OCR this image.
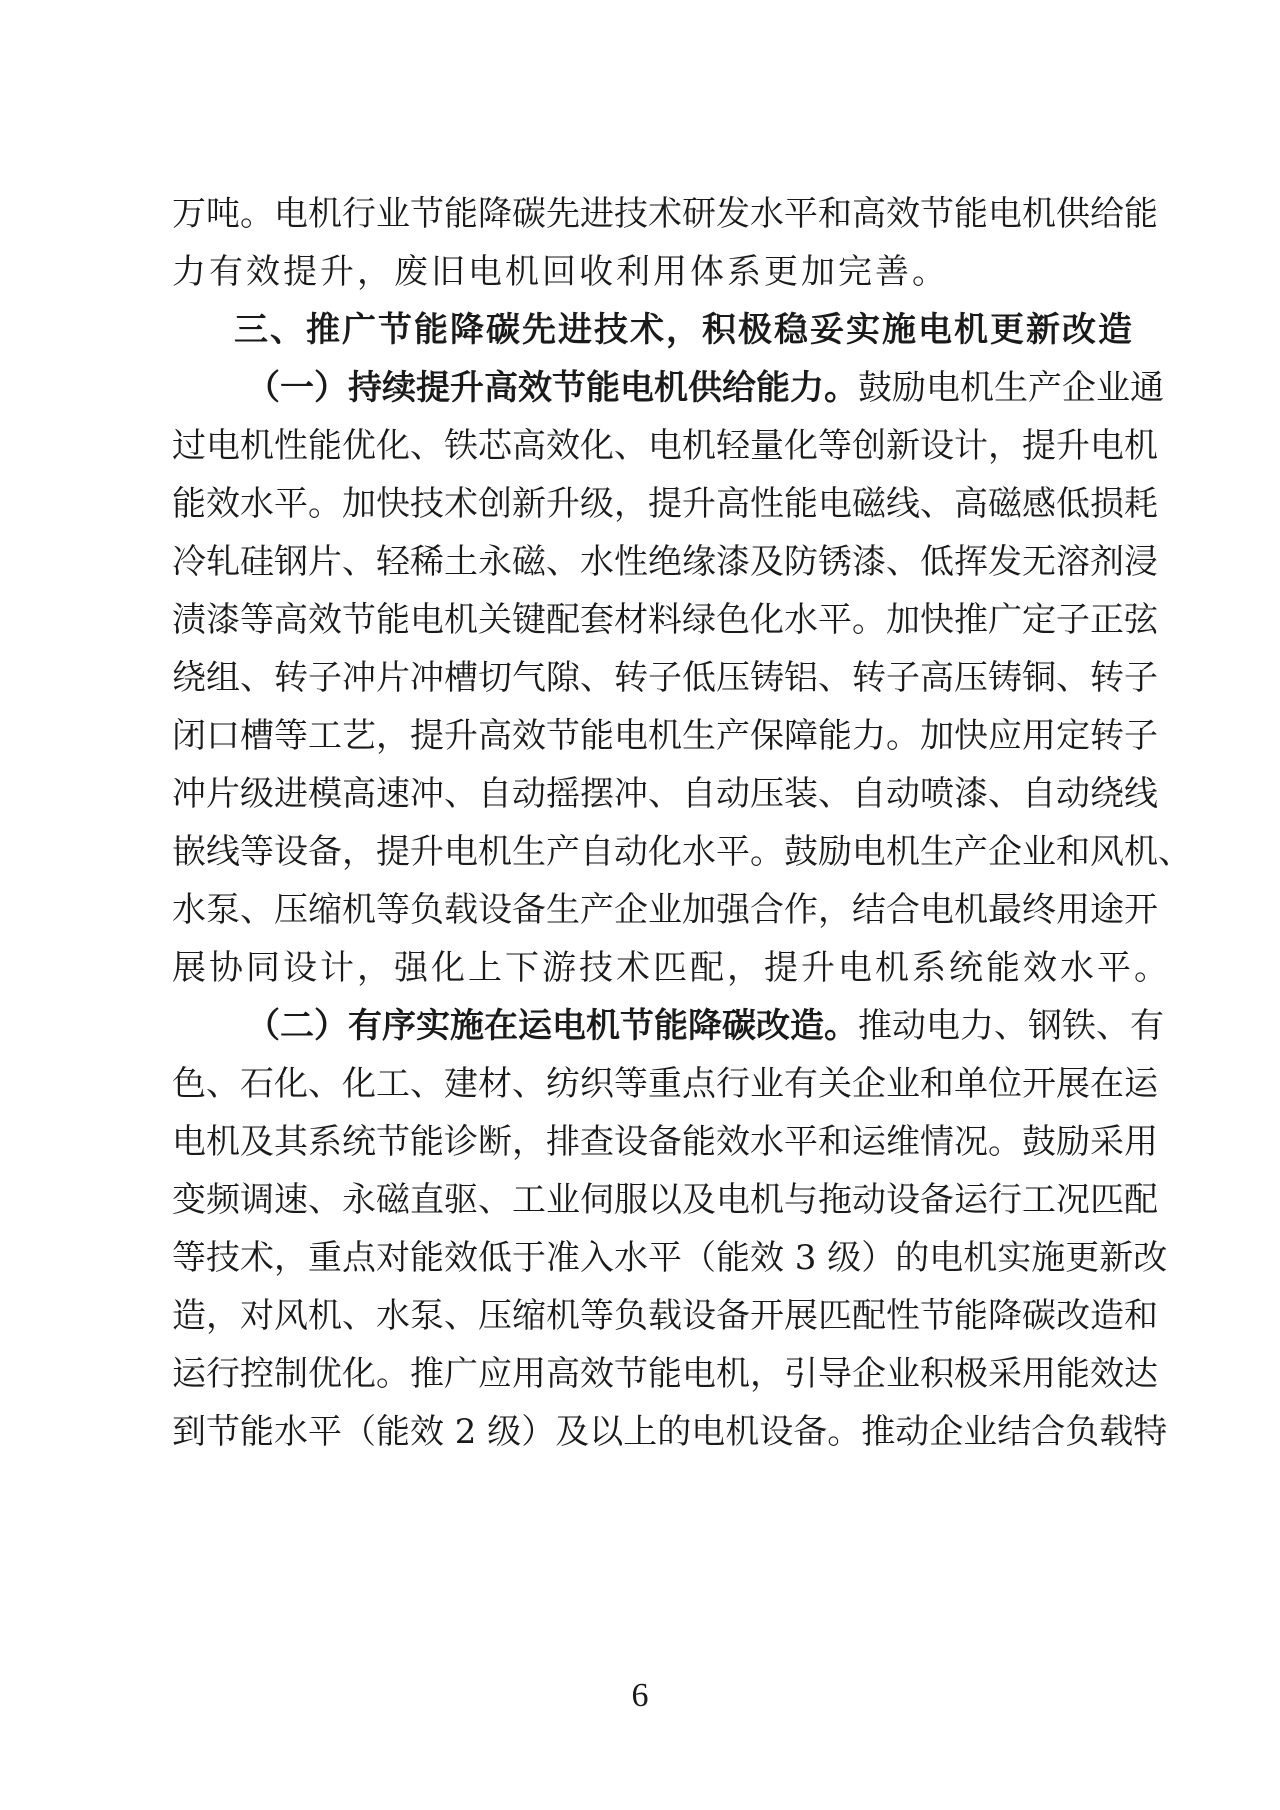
万吨。电机行业节能降碳先进技术研发水平和高效节能电机供给能
力有效提升，废旧电机回收利用体系更加完善。
三、推广节能降碳先进技术，积极稳妥实施电机更新改造
（一）持续提升高效节能电机供给能力。鼓励电机生产企业通
过电机性能优化、铁芯高效化、电机轻量化等创新设计，提升电机
能效水平。加快技术创新升级，提升高性能电磁线、高磁感低损耗
冷轧硅钢片、轻稀土永磁、水性绝缘漆及防锈漆、低挥发无溶剂浸
渍漆等高效节能电机关键配套材料绿色化水平。加快推广定子正弦
绕组、转子冲片冲槽切气隙、转子低压铸铝、转子高压铸铜、转子
闭口槽等工艺，提升高效节能电机生产保障能力。加快应用定转子
冲片级进模高速冲、自动摇摆冲、自动压装、自动喷漆、自动绕线
嵌线等设备，提升电机生产自动化水平。鼓励电机生产企业和风机、
水泵、压缩机等负载设备生产企业加强合作，结合电机最终用途开
展协同设计，强化上下游技术匹配，提升电机系统能效水平。
（二）有序实施在运电机节能降碳改造。推动电力、钢铁、有
色、石化、化工、建材、纺织等重点行业有关企业和单位开展在运
电机及其系统节能诊断，排查设备能效水平和运维情况。鼓励采用
变频调速、永磁直驱、工业伺服以及电机与拖动设备运行工况匹配
等技术，重点对能效低于准入水平（能效 3 级）的电机实施更新改
造，对风机、水泵、压缩机等负载设备开展匹配性节能降碳改造和
运行控制优化。推广应用高效节能电机，引导企业积极采用能效达
到节能水平（能效 2 级）及以上的电机设备。推动企业结合负载特
6
